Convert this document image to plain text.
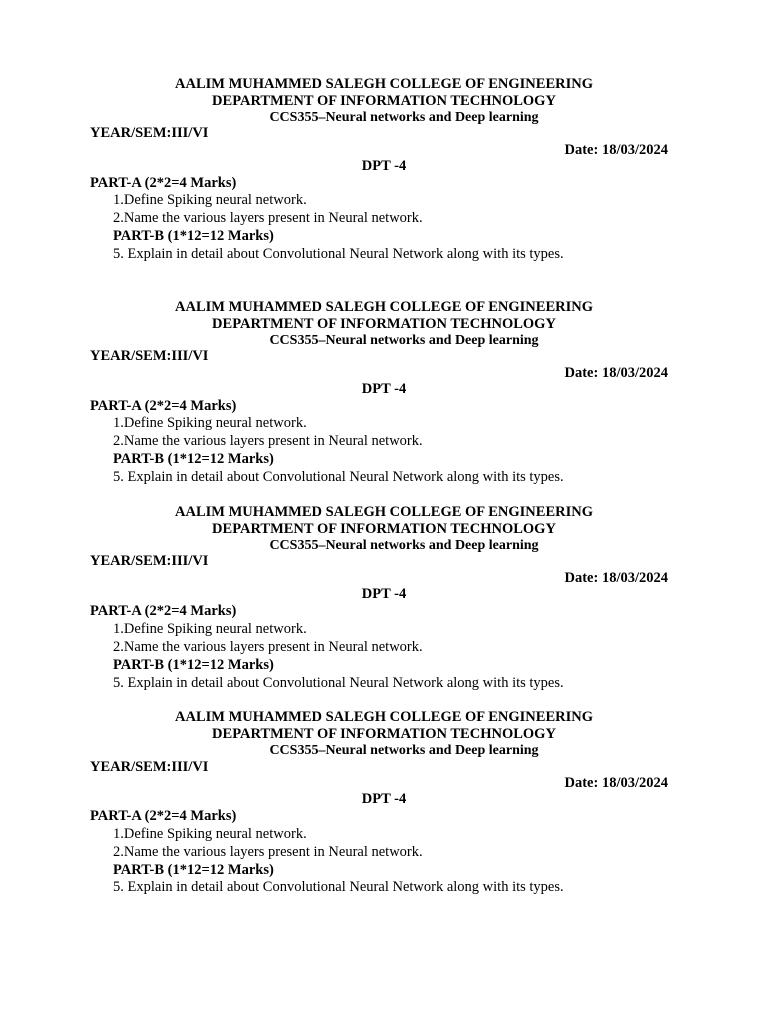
AALIM MUHAMMED SALEGH COLLEGE OF ENGINEERING
DEPARTMENT OF INFORMATION TECHNOLOGY
CCS355–Neural networks and Deep learning
YEAR/SEM:III/VI
Date: 18/03/2024
DPT -4
PART-A (2*2=4 Marks)
1.Define Spiking neural network.
2.Name the various layers present in Neural network.
PART-B (1*12=12 Marks)
5. Explain in detail about Convolutional Neural Network along with its types.
AALIM MUHAMMED SALEGH COLLEGE OF ENGINEERING
DEPARTMENT OF INFORMATION TECHNOLOGY
CCS355–Neural networks and Deep learning
YEAR/SEM:III/VI
Date: 18/03/2024
DPT -4
PART-A (2*2=4 Marks)
1.Define Spiking neural network.
2.Name the various layers present in Neural network.
PART-B (1*12=12 Marks)
5. Explain in detail about Convolutional Neural Network along with its types.
AALIM MUHAMMED SALEGH COLLEGE OF ENGINEERING
DEPARTMENT OF INFORMATION TECHNOLOGY
CCS355–Neural networks and Deep learning
YEAR/SEM:III/VI
Date: 18/03/2024
DPT -4
PART-A (2*2=4 Marks)
1.Define Spiking neural network.
2.Name the various layers present in Neural network.
PART-B (1*12=12 Marks)
5. Explain in detail about Convolutional Neural Network along with its types.
AALIM MUHAMMED SALEGH COLLEGE OF ENGINEERING
DEPARTMENT OF INFORMATION TECHNOLOGY
CCS355–Neural networks and Deep learning
YEAR/SEM:III/VI
Date: 18/03/2024
DPT -4
PART-A (2*2=4 Marks)
1.Define Spiking neural network.
2.Name the various layers present in Neural network.
PART-B (1*12=12 Marks)
5. Explain in detail about Convolutional Neural Network along with its types.
